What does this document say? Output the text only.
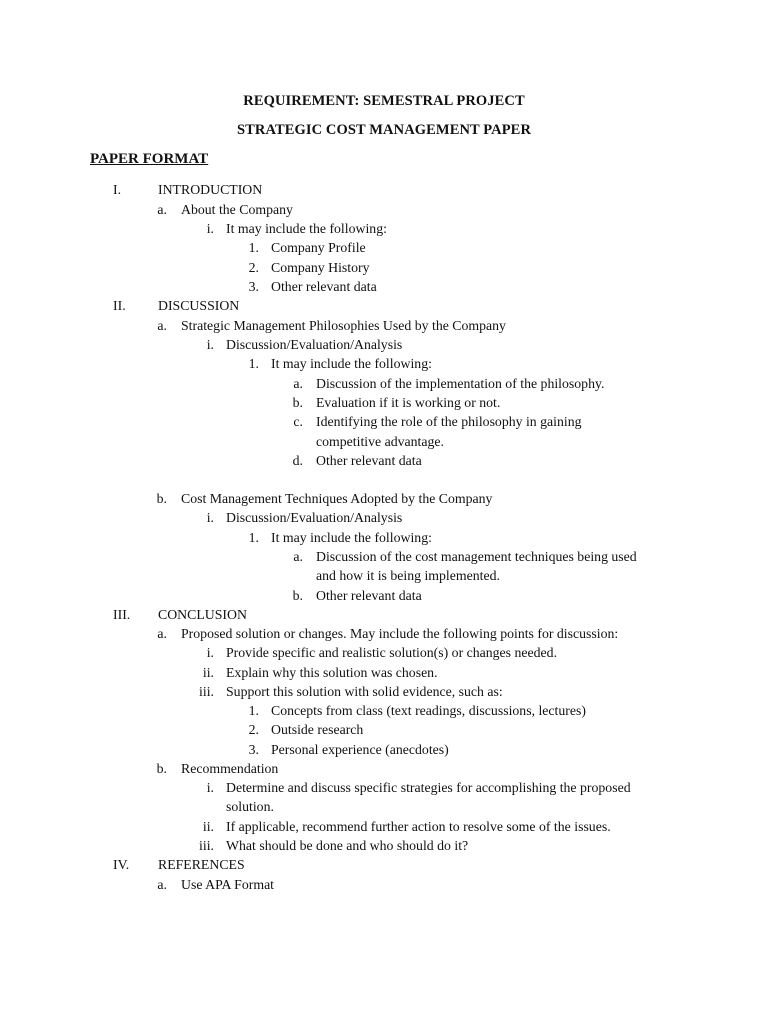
REQUIREMENT: SEMESTRAL PROJECT
STRATEGIC COST MANAGEMENT PAPER
PAPER FORMAT
I.	INTRODUCTION
a. About the Company
i. It may include the following:
1. Company Profile
2. Company History
3. Other relevant data
II. DISCUSSION
a. Strategic Management Philosophies Used by the Company
i. Discussion/Evaluation/Analysis
1. It may include the following:
a. Discussion of the implementation of the philosophy.
b. Evaluation if it is working or not.
c. Identifying the role of the philosophy in gaining
competitive advantage.
d. Other relevant data
b. Cost Management Techniques Adopted by the Company
i. Discussion/Evaluation/Analysis
1. It may include the following:
a. Discussion of the cost management techniques being used
and how it is being implemented.
b. Other relevant data
III. CONCLUSION
a. Proposed solution or changes. May include the following points for discussion:
i. Provide specific and realistic solution(s) or changes needed.
ii. Explain why this solution was chosen.
iii. Support this solution with solid evidence, such as:
1. Concepts from class (text readings, discussions, lectures)
2. Outside research
3. Personal experience (anecdotes)
b. Recommendation
i. Determine and discuss specific strategies for accomplishing the proposed
solution.
ii. If applicable, recommend further action to resolve some of the issues.
iii. What should be done and who should do it?
IV. REFERENCES
a. Use APA Format
